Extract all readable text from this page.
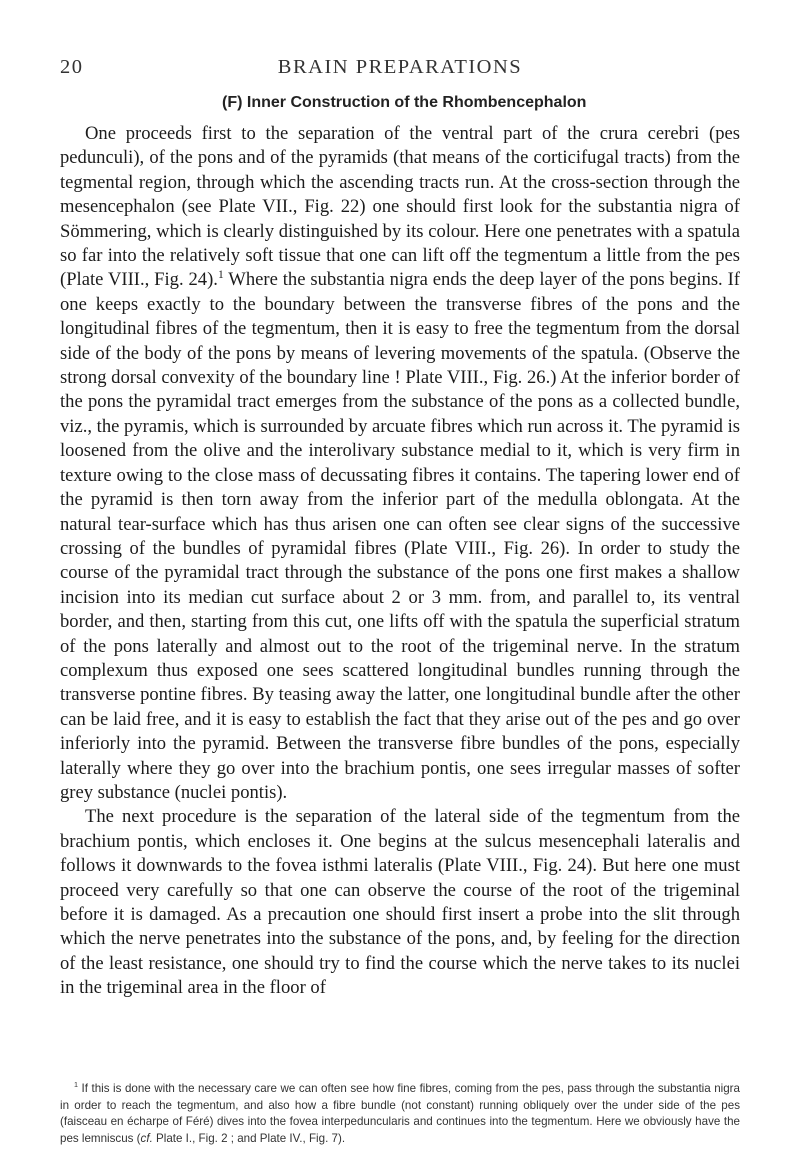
20	BRAIN PREPARATIONS
(F) Inner Construction of the Rhombencephalon

One proceeds first to the separation of the ventral part of the crura cerebri (pes pedunculi), of the pons and of the pyramids (that means of the corticifugal tracts) from the tegmental region, through which the ascending tracts run. At the cross-section through the mesencephalon (see Plate VII., Fig. 22) one should first look for the substantia nigra of Sömmering, which is clearly distinguished by its colour. Here one penetrates with a spatula so far into the relatively soft tissue that one can lift off the tegmentum a little from the pes (Plate VIII., Fig. 24).$^1$ Where the substantia nigra ends the deep layer of the pons begins. If one keeps exactly to the boundary between the transverse fibres of the pons and the longitudinal fibres of the tegmentum, then it is easy to free the tegmentum from the dorsal side of the body of the pons by means of levering movements of the spatula. (Observe the strong dorsal convexity of the boundary line ! Plate VIII., Fig. 26.) At the inferior border of the pons the pyramidal tract emerges from the substance of the pons as a collected bundle, viz., the pyramis, which is surrounded by arcuate fibres which run across it. The pyramid is loosened from the olive and the interolivary substance medial to it, which is very firm in texture owing to the close mass of decussating fibres it contains. The tapering lower end of the pyramid is then torn away from the inferior part of the medulla oblongata. At the natural tear-surface which has thus arisen one can often see clear signs of the successive crossing of the bundles of pyramidal fibres (Plate VIII., Fig. 26). In order to study the course of the pyramidal tract through the substance of the pons one first makes a shallow incision into its median cut surface about 2 or 3 mm. from, and parallel to, its ventral border, and then, starting from this cut, one lifts off with the spatula the superficial stratum of the pons laterally and almost out to the root of the trigeminal nerve. In the stratum complexum thus exposed one sees scattered longitudinal bundles running through the transverse pontine fibres. By teasing away the latter, one longitudinal bundle after the other can be laid free, and it is easy to establish the fact that they arise out of the pes and go over inferiorly into the pyramid. Between the transverse fibre bundles of the pons, especially laterally where they go over into the brachium pontis, one sees irregular masses of softer grey substance (nuclei pontis).

The next procedure is the separation of the lateral side of the tegmentum from the brachium pontis, which encloses it. One begins at the sulcus mesencephali lateralis and follows it downwards to the fovea isthmi lateralis (Plate VIII., Fig. 24). But here one must proceed very carefully so that one can observe the course of the root of the trigeminal before it is damaged. As a precaution one should first insert a probe into the slit through which the nerve penetrates into the substance of the pons, and, by feeling for the direction of the least resistance, one should try to find the course which the nerve takes to its nuclei in the trigeminal area in the floor of

$^1$ If this is done with the necessary care we can often see how fine fibres, coming from the pes, pass through the substantia nigra in order to reach the tegmentum, and also how a fibre bundle (not constant) running obliquely over the under side of the pes (faisceau en écharpe of Féré) dives into the fovea interpeduncularis and continues into the tegmentum. Here we obviously have the pes lemniscus (cf. Plate I., Fig. 2 ; and Plate IV., Fig. 7).
